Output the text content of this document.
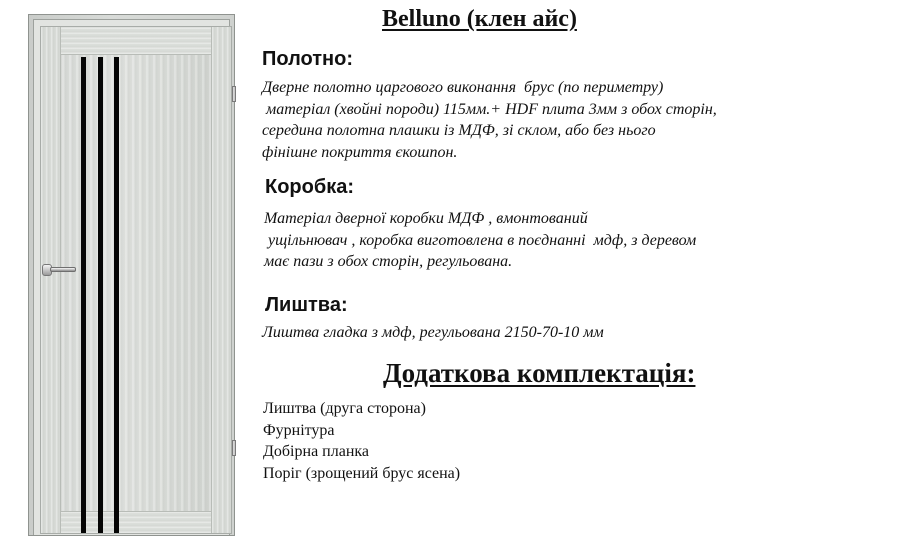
Belluno (клен айс)
Полотно:

Дверне полотно царгового виконання  брус (по периметру)
матеріал (хвойні породи) 115мм.+ HDF плита 3мм з обох сторін,
середина полотна плашки із МДФ, зі склом, або без нього
фінішне покриття єкошпон.

Коробка:

Матеріал дверної коробки МДФ , вмонтований
ущільнювач , коробка виготовлена в поєднанні  мдф, з деревом
має пази з обох сторін, регульована.

Лиштва:

Лиштва гладка з мдф, регульована 2150-70-10 мм

Додаткова комплектація:
Лиштва (друга сторона)
Фурнітура
Добірна планка
Поріг (зрощений брус ясена)
